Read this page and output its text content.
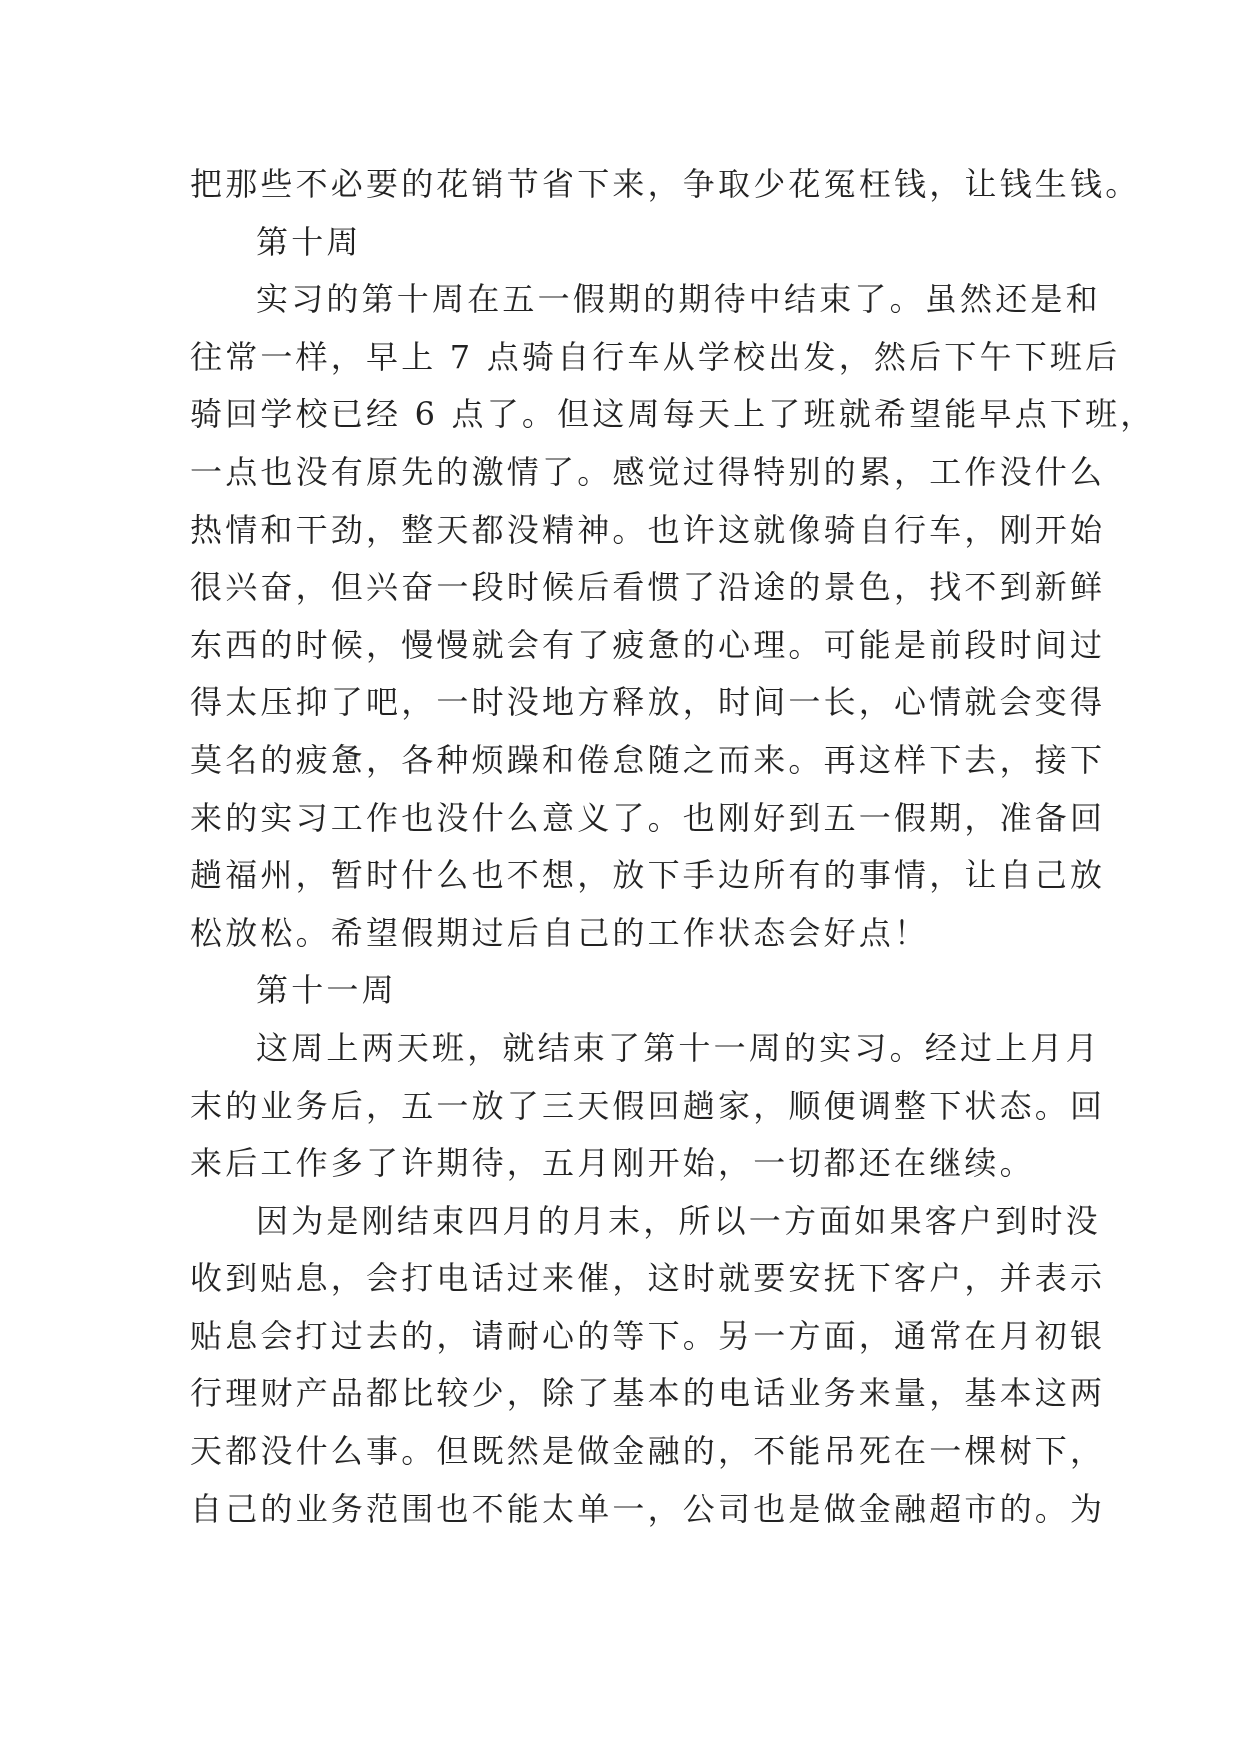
把那些不必要的花销节省下来，争取少花冤枉钱，让钱生钱。
第十周
实习的第十周在五一假期的期待中结束了。虽然还是和
往常一样，早上 7 点骑自行车从学校出发，然后下午下班后
骑回学校已经 6 点了。但这周每天上了班就希望能早点下班，
一点也没有原先的激情了。感觉过得特别的累，工作没什么
热情和干劲，整天都没精神。也许这就像骑自行车，刚开始
很兴奋，但兴奋一段时候后看惯了沿途的景色，找不到新鲜
东西的时候，慢慢就会有了疲惫的心理。可能是前段时间过
得太压抑了吧，一时没地方释放，时间一长，心情就会变得
莫名的疲惫，各种烦躁和倦怠随之而来。再这样下去，接下
来的实习工作也没什么意义了。也刚好到五一假期，准备回
趟福州，暂时什么也不想，放下手边所有的事情，让自己放
松放松。希望假期过后自己的工作状态会好点！
第十一周
这周上两天班，就结束了第十一周的实习。经过上月月
末的业务后，五一放了三天假回趟家，顺便调整下状态。回
来后工作多了许期待，五月刚开始，一切都还在继续。
因为是刚结束四月的月末，所以一方面如果客户到时没
收到贴息，会打电话过来催，这时就要安抚下客户，并表示
贴息会打过去的，请耐心的等下。另一方面，通常在月初银
行理财产品都比较少，除了基本的电话业务来量，基本这两
天都没什么事。但既然是做金融的，不能吊死在一棵树下，
自己的业务范围也不能太单一，公司也是做金融超市的。为
